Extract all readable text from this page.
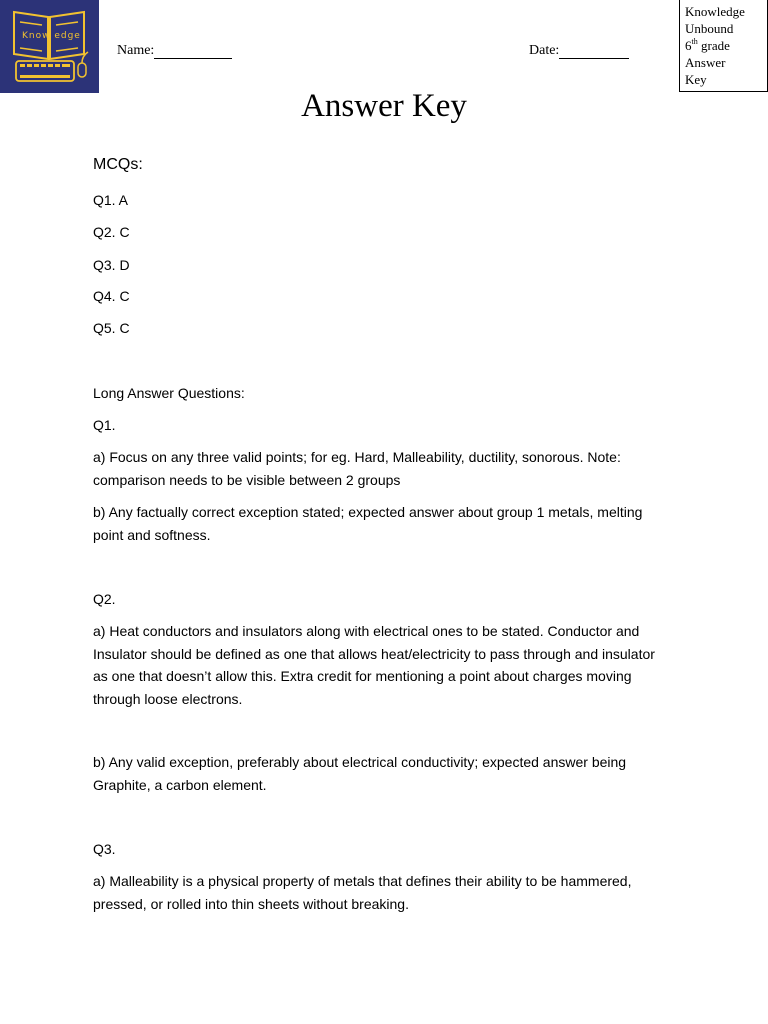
Know edge
unbound
Name:	Date:
Knowledge
Unbound
6th grade
Answer
Key
Answer Key

MCQs:

Q1. A

Q2. C

Q3. D

Q4. C

Q5. C

Long Answer Questions:

Q1.

a) Focus on any three valid points; for eg. Hard, Malleability, ductility, sonorous. Note: comparison needs to be visible between 2 groups

b) Any factually correct exception stated; expected answer about group 1 metals, melting point and softness.

Q2.

a) Heat conductors and insulators along with electrical ones to be stated. Conductor and Insulator should be defined as one that allows heat/electricity to pass through and insulator as one that doesn’t allow this. Extra credit for mentioning a point about charges moving through loose electrons.

b) Any valid exception, preferably about electrical conductivity; expected answer being Graphite, a carbon element.

Q3.

a) Malleability is a physical property of metals that defines their ability to be hammered, pressed, or rolled into thin sheets without breaking.
